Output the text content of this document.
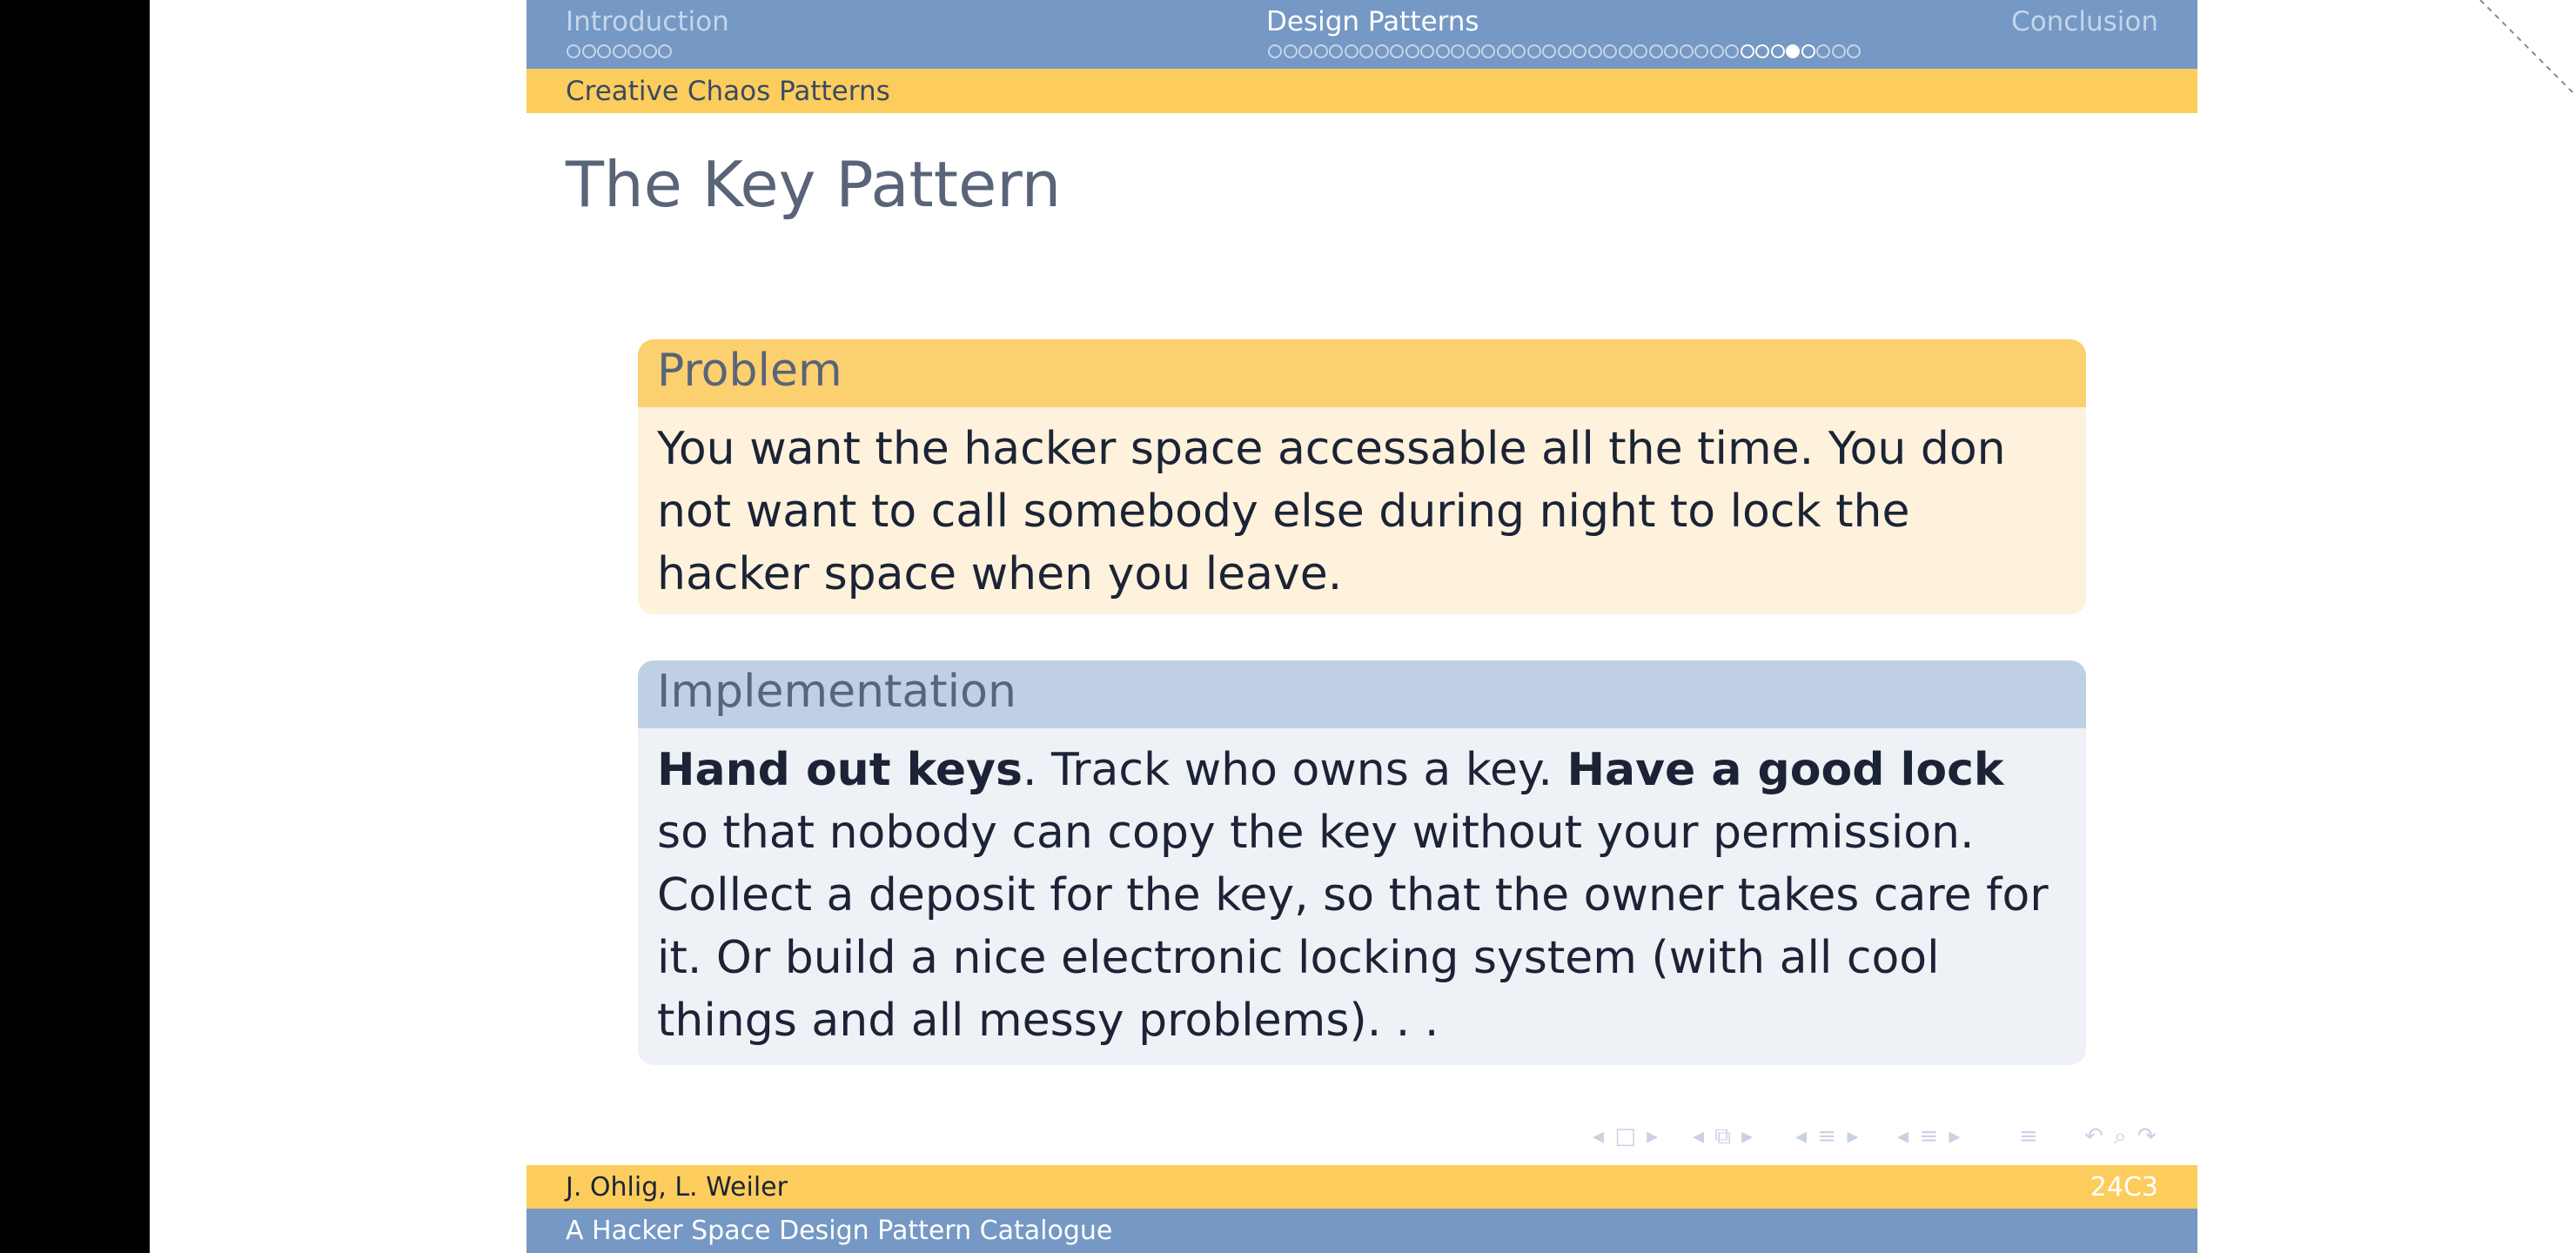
Introduction	Design Patterns	Conclusion
Creative Chaos Patterns
The Key Pattern
Problem
You want the hacker space accessable all the time. You don not want to call somebody else during night to lock the hacker space when you leave.
Implementation
Hand out keys. Track who owns a key. Have a good lock so that nobody can copy the key without your permission. Collect a deposit for the key, so that the owner takes care for it. Or build a nice electronic locking system (with all cool things and all messy problems). . .
◂ □ ▸ ◂ ⧉ ▸ ◂ ≡ ▸ ◂ ≡ ▸	≡ ↶ ⌕ ↷
J. Ohlig, L. Weiler	24C3
A Hacker Space Design Pattern Catalogue
